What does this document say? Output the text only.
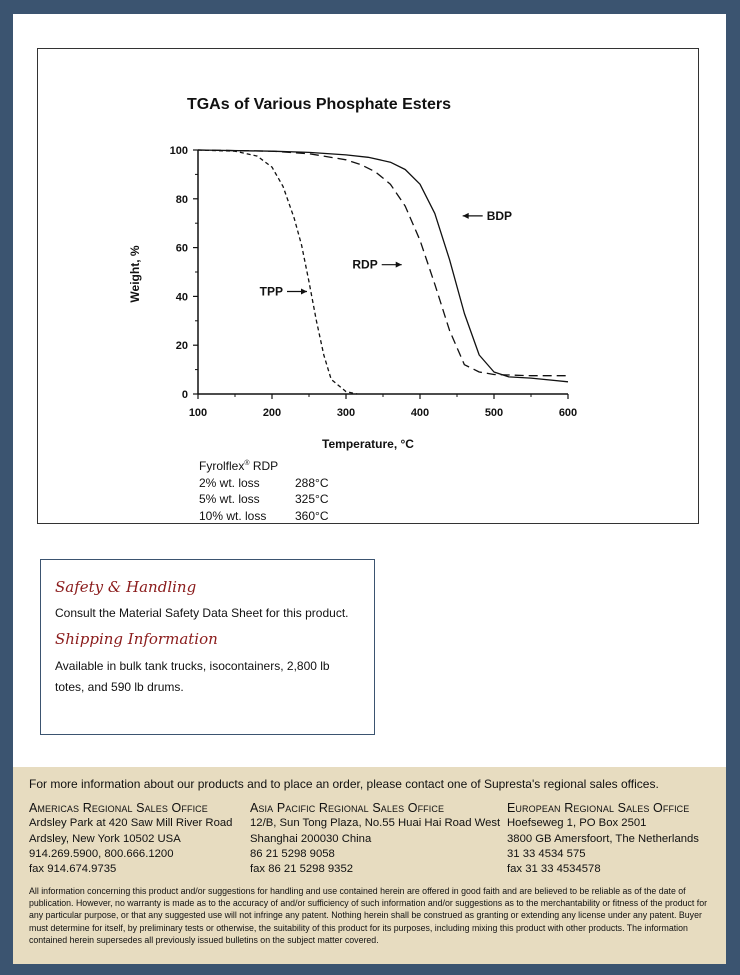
TGAs of Various Phosphate Esters
100	200	300	400	500	600
0
20
40
60
80
100
BDP
RDP
TPP
Temperature, °C
Weight, %
Fyrolflex® RDP
2% wt. loss	288°C
5% wt. loss	325°C
10% wt. loss	360°C
Safety & Handling
Consult the Material Safety Data Sheet for this product.
Shipping Information
Available in bulk tank trucks, isocontainers, 2,800 lb totes, and 590 lb drums.
For more information about our products and to place an order, please contact one of Supresta's regional sales offices.
Americas Regional Sales Office
Ardsley Park at 420 Saw Mill River Road
Ardsley, New York 10502 USA
914.269.5900, 800.666.1200
fax 914.674.9735
Asia Pacific Regional Sales Office
12/B, Sun Tong Plaza, No.55 Huai Hai Road West
Shanghai 200030 China
86 21 5298 9058
fax 86 21 5298 9352
European Regional Sales Office
Hoefseweg 1, PO Box 2501
3800 GB Amersfoort, The Netherlands
31 33 4534 575
fax 31 33 4534578
All information concerning this product and/or suggestions for handling and use contained herein are offered in good faith and are believed to be reliable as of the date of publication. However, no warranty is made as to the accuracy of and/or sufficiency of such information and/or suggestions as to the merchantability or fitness of the product for any particular purpose, or that any suggested use will not infringe any patent. Nothing herein shall be construed as granting or extending any license under any patent. Buyer must determine for itself, by preliminary tests or otherwise, the suitability of this product for its purposes, including mixing this product with other products. The information contained herein supersedes all previously issued bulletins on the subject matter covered.
